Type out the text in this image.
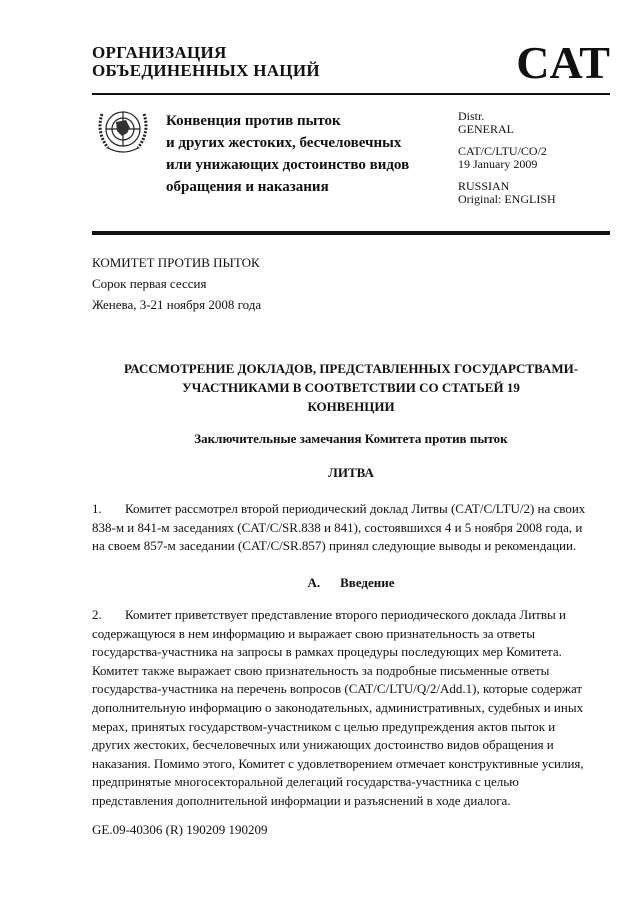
ОРГАНИЗАЦИЯ
ОБЪЕДИНЕННЫХ НАЦИЙ	CAT
Конвенция против пыток
и других жестоких, бесчеловечных
или унижающих достоинство видов
обращения и наказания
Distr.
GENERAL
CAT/C/LTU/CO/2
19 January 2009
RUSSIAN
Original: ENGLISH
КОМИТЕТ ПРОТИВ ПЫТОК
Сорок первая сессия
Женева, 3-21 ноября 2008 года
РАССМОТРЕНИЕ ДОКЛАДОВ, ПРЕДСТАВЛЕННЫХ ГОСУДАРСТВАМИ-
УЧАСТНИКАМИ В СООТВЕТСТВИИ СО СТАТЬЕЙ 19
КОНВЕНЦИИ
Заключительные замечания Комитета против пыток
ЛИТВА
1. Комитет рассмотрел второй периодический доклад Литвы (CAT/C/LTU/2) на своих
838-м и 841-м заседаниях (CAT/C/SR.838 и 841), состоявшихся 4 и 5 ноября 2008 года, и
на своем 857-м заседании (CAT/C/SR.857) принял следующие выводы и рекомендации.
A. Введение
2. Комитет приветствует представление второго периодического доклада Литвы и
содержащуюся в нем информацию и выражает свою признательность за ответы
государства-участника на запросы в рамках процедуры последующих мер Комитета.
Комитет также выражает свою признательность за подробные письменные ответы
государства-участника на перечень вопросов (CAT/C/LTU/Q/2/Add.1), которые содержат
дополнительную информацию о законодательных, административных, судебных и иных
мерах, принятых государством-участником с целью предупреждения актов пыток и
других жестоких, бесчеловечных или унижающих достоинство видов обращения и
наказания. Помимо этого, Комитет с удовлетворением отмечает конструктивные усилия,
предпринятые многосекторальной делегаций государства-участника с целью
представления дополнительной информации и разъяснений в ходе диалога.
GE.09-40306 (R) 190209 190209
